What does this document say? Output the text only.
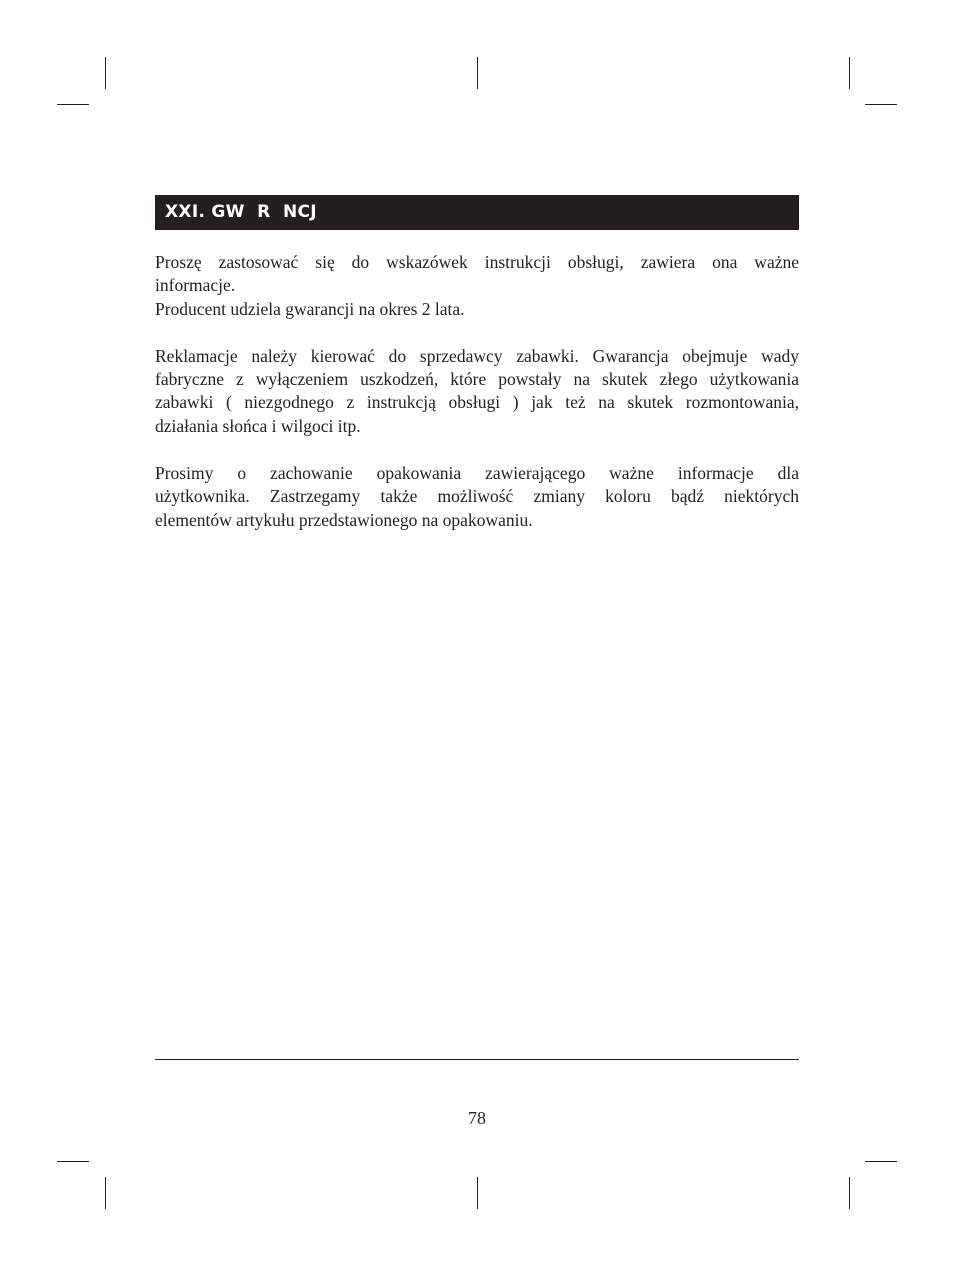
XXI. GW  R  NCJ

Proszę zastosować się do wskazówek instrukcji obsługi, zawiera ona ważne
informacje.
Producent udziela gwarancji na okres 2 lata.

Reklamacje należy kierować do sprzedawcy zabawki. Gwarancja obejmuje wady
fabryczne z wyłączeniem uszkodzeń, które powstały na skutek złego użytkowania
zabawki ( niezgodnego z instrukcją obsługi ) jak też na skutek rozmontowania,
działania słońca i wilgoci itp.

Prosimy o zachowanie opakowania zawierającego ważne informacje dla
użytkownika. Zastrzegamy także możliwość zmiany koloru bądź niektórych
elementów artykułu przedstawionego na opakowaniu.

78
